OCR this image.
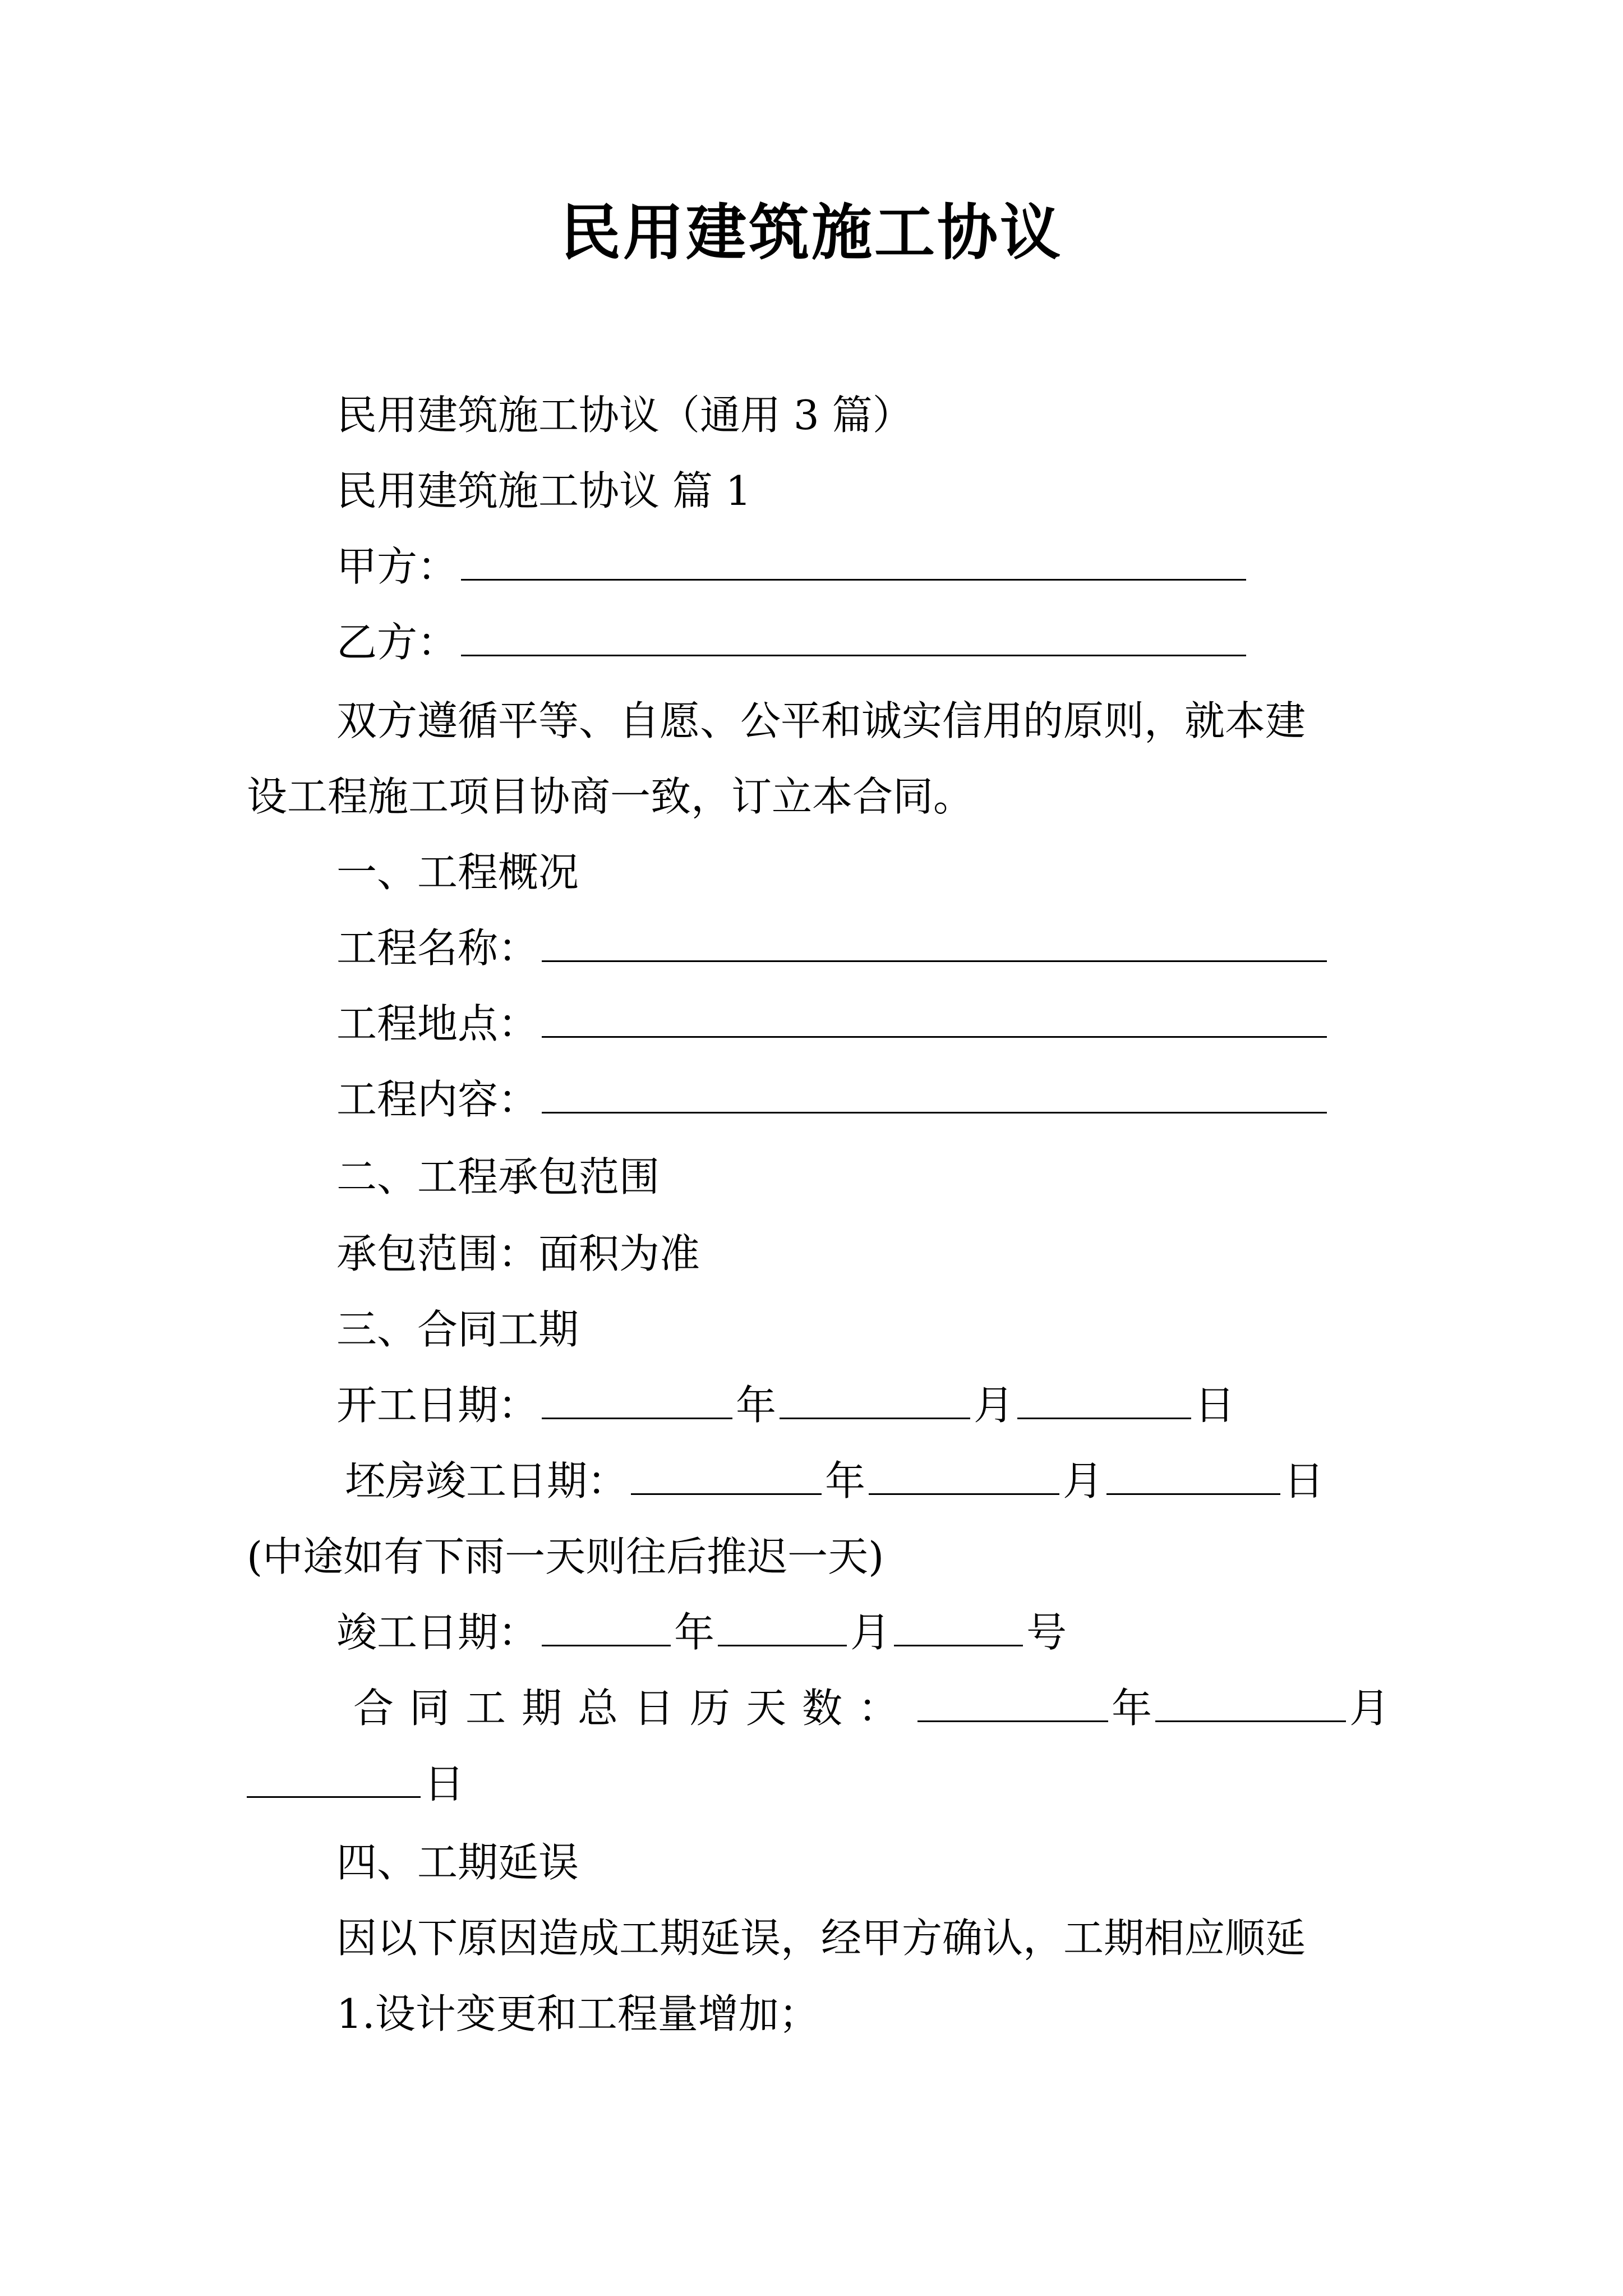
民用建筑施工协议
民用建筑施工协议（通用 3 篇）
民用建筑施工协议 篇 1
甲方：
乙方：
双方遵循平等、自愿、公平和诚实信用的原则，就本建
设工程施工项目协商一致，订立本合同。
一、工程概况
工程名称：
工程地点：
工程内容：
二、工程承包范围
承包范围：面积为准
三、合同工期
开工日期：	年	月	日
坯房竣工日期：	年	月	日
(中途如有下雨一天则往后推迟一天)
竣工日期：	年	月	号
合同工期总日历天数：	年	月
日
四、工期延误
因以下原因造成工期延误，经甲方确认，工期相应顺延
1.设计变更和工程量增加；
